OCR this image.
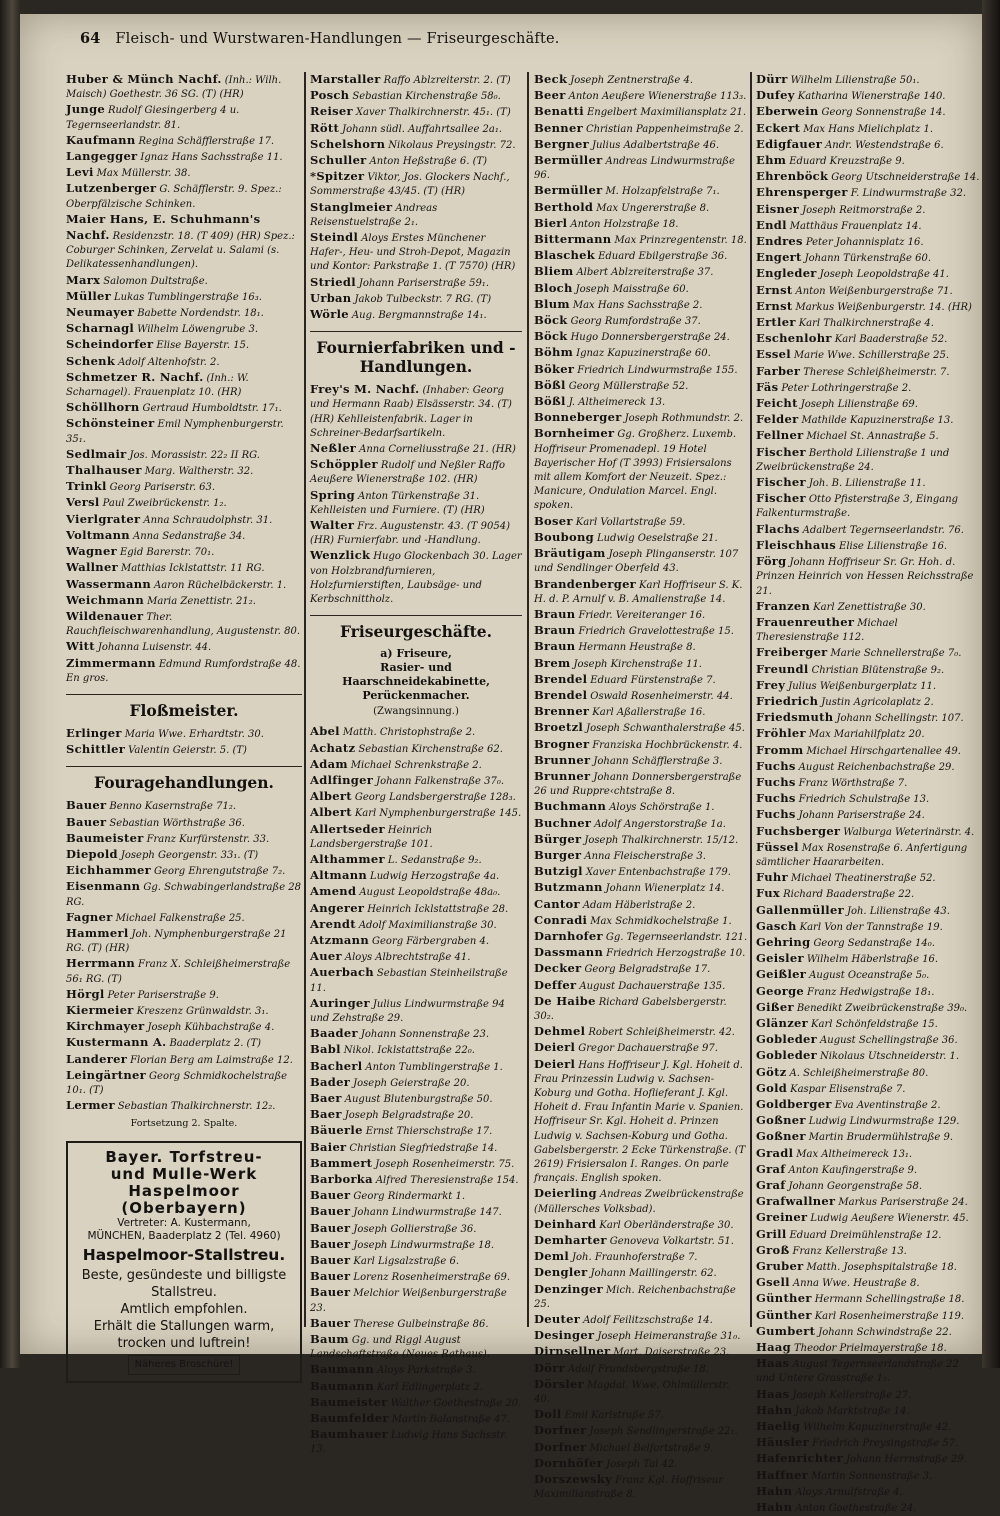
64 Fleisch- und Wurstwaren-Handlungen — Friseurgeschäfte.

Huber & Münch Nachf. (Inh.: Wilh. Maisch) Goethestr. 36 SG. (T) (HR)

Junge Rudolf Giesingerberg 4 u. Tegernseerlandstr. 81.

Kaufmann Regina Schäfflerstraße 17.

Langegger Ignaz Hans Sachsstraße 11.

Levi Max Müllerstr. 38.

Lutzenberger G. Schäfflerstr. 9. Spez.: Oberpfälzische Schinken.

Maier Hans, E. Schuhmann's Nachf. Residenzstr. 18. (T 409) (HR) Spez.: Coburger Schinken, Zervelat u. Salami (s. Delikatessenhandlungen).

Marx Salomon Dultstraße.

Müller Lukas Tumblingerstraße 16₃.

Neumayer Babette Nordendstr. 18₁.

Scharnagl Wilhelm Löwengrube 3.

Scheindorfer Elise Bayerstr. 15.

Schenk Adolf Altenhofstr. 2.

Schmetzer R. Nachf. (Inh.: W. Scharnagel). Frauenplatz 10. (HR)

Schöllhorn Gertraud Humboldtstr. 17₁.

Schönsteiner Emil Nymphenburgerstr. 35₁.

Sedlmair Jos. Morassistr. 22₂ II RG.

Thalhauser Marg. Waltherstr. 32.

Trinkl Georg Pariserstr. 63.

Versl Paul Zweibrückenstr. 1₂.

Vierlgrater Anna Schraudolphstr. 31.

Voltmann Anna Sedanstraße 34.

Wagner Egid Barerstr. 70₁.

Wallner Matthias Icklstattstr. 11 RG.

Wassermann Aaron Rüchelbäckerstr. 1.

Weichmann Maria Zenettistr. 21₂.

Wildenauer Ther. Rauchfleischwarenhandlung, Augustenstr. 80.

Witt Johanna Luisenstr. 44.

Zimmermann Edmund Rumfordstraße 48. En gros.

Floßmeister.

Erlinger Maria Wwe. Erhardtstr. 30.

Schittler Valentin Geierstr. 5. (T)

Fouragehandlungen.

Bauer Benno Kasernstraße 71₂.

Bauer Sebastian Wörthstraße 36.

Baumeister Franz Kurfürstenstr. 33.

Diepold Joseph Georgenstr. 33₁. (T)

Eichhammer Georg Ehrengutstraße 7₂.

Eisenmann Gg. Schwabingerlandstraße 28 RG.

Fagner Michael Falkenstraße 25.

Hammerl Joh. Nymphenburgerstraße 21 RG. (T) (HR)

Herrmann Franz X. Schleißheimerstraße 56₁ RG. (T)

Hörgl Peter Pariserstraße 9.

Kiermeier Kreszenz Grünwaldstr. 3₁.

Kirchmayer Joseph Kühbachstraße 4.

Kustermann A. Baaderplatz 2. (T)

Landerer Florian Berg am Laimstraße 12.

Leingärtner Georg Schmidkochelstraße 10₁. (T)

Lermer Sebastian Thalkirchnerstr. 12₂.

Fortsetzung 2. Spalte.
Bayer. Torfstreu-
und Mulle-Werk
Haspelmoor (Oberbayern)
Vertreter: A. Kustermann,
MÜNCHEN, Baaderplatz 2 (Tel. 4960)
Haspelmoor-Stallstreu.
Beste, gesündeste und billigste
Stallstreu.
Amtlich empfohlen.
Erhält die Stallungen warm,
trocken und luftrein!
Näheres Broschüre!

Marstaller Raffo Ablzreiterstr. 2. (T)

Posch Sebastian Kirchenstraße 58₀.

Reiser Xaver Thalkirchnerstr. 45₁. (T)

Rött Johann südl. Auffahrtsallee 2a₁.

Schelshorn Nikolaus Preysingstr. 72.

Schuller Anton Heßstraße 6. (T)

*Spitzer Viktor, Jos. Glockers Nachf., Sommerstraße 43/45. (T) (HR)

Stanglmeier Andreas Reisenstuelstraße 2₁.

Steindl Aloys Erstes Münchener Hafer-, Heu- und Stroh-Depot, Magazin und Kontor: Parkstraße 1. (T 7570) (HR)

Striedl Johann Pariserstraße 59₁.

Urban Jakob Tulbeckstr. 7 RG. (T)

Wörle Aug. Bergmannstraße 14₁.

Fournierfabriken und -Handlungen.

Frey's M. Nachf. (Inhaber: Georg und Hermann Raab) Elsässerstr. 34. (T) (HR) Kehlleistenfabrik. Lager in Schreiner-Bedarfsartikeln.

Neßler Anna Corneliusstraße 21. (HR)

Schöppler Rudolf und Neßler Raffo Aeußere Wienerstraße 102. (HR)

Spring Anton Türkenstraße 31. Kehlleisten und Furniere. (T) (HR)

Walter Frz. Augustenstr. 43. (T 9054) (HR) Furnierfabr. und -Handlung.

Wenzlick Hugo Glockenbach 30. Lager von Holzbrandfurnieren, Holzfurnierstiften, Laubsäge- und Kerbschnittholz.

Friseurgeschäfte.
a) Friseure,
Rasier- und Haarschneidekabinette, Perückenmacher.
(Zwangsinnung.)

Abel Matth. Christophstraße 2.

Achatz Sebastian Kirchenstraße 62.

Adam Michael Schrenkstraße 2.

Adlfinger Johann Falkenstraße 37₀.

Albert Georg Landsbergerstraße 128₃.

Albert Karl Nymphenburgerstraße 145.

Allertseder Heinrich Landsbergerstraße 101.

Althammer L. Sedanstraße 9₂.

Altmann Ludwig Herzogstraße 4a.

Amend August Leopoldstraße 48a₀.

Angerer Heinrich Icklstattstraße 28.

Arendt Adolf Maximilianstraße 30.

Atzmann Georg Färbergraben 4.

Auer Aloys Albrechtstraße 41.

Auerbach Sebastian Steinheilstraße 11.

Auringer Julius Lindwurmstraße 94 und Zehstraße 29.

Baader Johann Sonnenstraße 23.

Babl Nikol. Icklstattstraße 22₀.

Bacherl Anton Tumblingerstraße 1.

Bader Joseph Geierstraße 20.

Baer August Blutenburgstraße 50.

Baer Joseph Belgradstraße 20.

Bäuerle Ernst Thierschstraße 17.

Baier Christian Siegfriedstraße 14.

Bammert Joseph Rosenheimerstr. 75.

Barborka Alfred Theresienstraße 154.

Bauer Georg Rindermarkt 1.

Bauer Johann Lindwurmstraße 147.

Bauer Joseph Gollierstraße 36.

Bauer Joseph Lindwurmstraße 18.

Bauer Karl Ligsalzstraße 6.

Bauer Lorenz Rosenheimerstraße 69.

Bauer Melchior Weißenburgerstraße 23.

Bauer Therese Gulbeinstraße 86.

Baum Gg. und Riggl August Landschaftstraße (Neues Rathaus).

Baumann Aloys Parkstraße 3.

Baumann Karl Edlingerplatz 2.

Baumeister Walther Goethestraße 20.

Baumfelder Martin Balanstraße 47.

Baumhauer Ludwig Hans Sachsstr. 13.

Beck Joseph Zentnerstraße 4.

Beer Anton Aeußere Wienerstraße 113₃.

Benatti Engelbert Maximiliansplatz 21.

Benner Christian Pappenheimstraße 2.

Bergner Julius Adalbertstraße 46.

Bermüller Andreas Lindwurmstraße 96.

Bermüller M. Holzapfelstraße 7₁.

Berthold Max Ungererstraße 8.

Bierl Anton Holzstraße 18.

Bittermann Max Prinzregentenstr. 18.

Blaschek Eduard Ebilgerstraße 36.

Bliem Albert Ablzreiterstraße 37.

Bloch Joseph Maisstraße 60.

Blum Max Hans Sachsstraße 2.

Böck Georg Rumfordstraße 37.

Böck Hugo Donnersbergerstraße 24.

Böhm Ignaz Kapuzinerstraße 60.

Böker Friedrich Lindwurmstraße 155.

Bößl Georg Müllerstraße 52.

Bößl J. Altheimereck 13.

Bonneberger Joseph Rothmundstr. 2.

Bornheimer Gg. Großherz. Luxemb. Hoffriseur Promenadepl. 19 Hotel Bayerischer Hof (T 3993) Frisiersalons mit allem Komfort der Neuzeit. Spez.: Manicure, Ondulation Marcel. Engl. spoken.

Boser Karl Vollartstraße 59.

Boubong Ludwig Oeselstraße 21.

Bräutigam Joseph Plinganserstr. 107 und Sendlinger Oberfeld 43.

Brandenberger Karl Hoffriseur S. K. H. d. P. Arnulf v. B. Amalienstraße 14.

Braun Friedr. Vereiteranger 16.

Braun Friedrich Gravelottestraße 15.

Braun Hermann Heustraße 8.

Brem Joseph Kirchenstraße 11.

Brendel Eduard Fürstenstraße 7.

Brendel Oswald Rosenheimerstr. 44.

Brenner Karl Aßallerstraße 16.

Broetzl Joseph Schwanthalerstraße 45.

Brogner Franziska Hochbrückenstr. 4.

Brunner Johann Schäfflerstraße 3.

Brunner Johann Donnersbergerstraße 26 und Ruppre‹chtstraße 8.

Buchmann Aloys Schörstraße 1.

Buchner Adolf Angerstorstraße 1a.

Bürger Joseph Thalkirchnerstr. 15/12.

Burger Anna Fleischerstraße 3.

Butzigl Xaver Entenbachstraße 179.

Butzmann Johann Wienerplatz 14.

Cantor Adam Häberlstraße 2.

Conradi Max Schmidkochelstraße 1.

Darnhofer Gg. Tegernseerlandstr. 121.

Dassmann Friedrich Herzogstraße 10.

Decker Georg Belgradstraße 17.

Deffer August Dachauerstraße 135.

De Haibe Richard Gabelsbergerstr. 30₂.

Dehmel Robert Schleißheimerstr. 42.

Deierl Gregor Dachauerstraße 97.

Deierl Hans Hoffriseur J. Kgl. Hoheit d. Frau Prinzessin Ludwig v. Sachsen-Koburg und Gotha. Hoflieferant J. Kgl. Hoheit d. Frau Infantin Marie v. Spanien. Hoffriseur Sr. Kgl. Hoheit d. Prinzen Ludwig v. Sachsen-Koburg und Gotha. Gabelsbergerstr. 2 Ecke Türkenstraße. (T 2619) Frisiersalon I. Ranges. On parle français. English spoken.

Deierling Andreas Zweibrückenstraße (Müllersches Volksbad).

Deinhard Karl Oberländerstraße 30.

Demharter Genoveva Volkartstr. 51.

Deml Joh. Fraunhoferstraße 7.

Dengler Johann Maillingerstr. 62.

Denzinger Mich. Reichenbachstraße 25.

Deuter Adolf Feilitzschstraße 14.

Desinger Joseph Heimeranstraße 31₀.

Dirnsellner Mart. Daiserstraße 23.

Dörr Adolf Frundsbergstraße 18.

Dörsler Magdal. Wwe. Ohlmüllerstr. 40.

Doll Emil Karlstraße 57.

Dorfner Joseph Sendlingerstraße 22₁.

Dorfner Michael Belfortstraße 9.

Dornhöfer Joseph Tal 42.

Dorszewsky Franz Kgl. Hoffriseur Maximilianstraße 8.

Dürr Wilhelm Lilienstraße 50₁.

Dufey Katharina Wienerstraße 140.

Eberwein Georg Sonnenstraße 14.

Eckert Max Hans Mielichplatz 1.

Edigfauer Andr. Westendstraße 6.

Ehm Eduard Kreuzstraße 9.

Ehrenböck Georg Utschneiderstraße 14.

Ehrensperger F. Lindwurmstraße 32.

Eisner Joseph Reitmorstraße 2.

Endl Matthäus Frauenplatz 14.

Endres Peter Johannisplatz 16.

Engert Johann Türkenstraße 60.

Engleder Joseph Leopoldstraße 41.

Ernst Anton Weißenburgerstraße 71.

Ernst Markus Weißenburgerstr. 14. (HR)

Ertler Karl Thalkirchnerstraße 4.

Eschenlohr Karl Baaderstraße 52.

Essel Marie Wwe. Schillerstraße 25.

Farber Therese Schleißheimerstr. 7.

Fäs Peter Lothringerstraße 2.

Feicht Joseph Lilienstraße 69.

Felder Mathilde Kapuzinerstraße 13.

Fellner Michael St. Annastraße 5.

Fischer Berthold Lilienstraße 1 und Zweibrückenstraße 24.

Fischer Joh. B. Lilienstraße 11.

Fischer Otto Pfisterstraße 3, Eingang Falkenturmstraße.

Flachs Adalbert Tegernseerlandstr. 76.

Fleischhaus Elise Lilienstraße 16.

Förg Johann Hoffriseur Sr. Gr. Hoh. d. Prinzen Heinrich von Hessen Reichsstraße 21.

Franzen Karl Zenettistraße 30.

Frauenreuther Michael Theresienstraße 112.

Freiberger Marie Schnellerstraße 7₀.

Freundl Christian Blütenstraße 9₂.

Frey Julius Weißenburgerplatz 11.

Friedrich Justin Agricolaplatz 2.

Friedsmuth Johann Schellingstr. 107.

Fröhler Max Mariahilfplatz 20.

Fromm Michael Hirschgartenallee 49.

Fuchs August Reichenbachstraße 29.

Fuchs Franz Wörthstraße 7.

Fuchs Friedrich Schulstraße 13.

Fuchs Johann Pariserstraße 24.

Fuchsberger Walburga Weterinärstr. 4.

Füssel Max Rosenstraße 6. Anfertigung sämtlicher Haararbeiten.

Fuhr Michael Theatinerstraße 52.

Fux Richard Baaderstraße 22.

Gallenmüller Joh. Lilienstraße 43.

Gasch Karl Von der Tannstraße 19.

Gehring Georg Sedanstraße 14₀.

Geisler Wilhelm Häberlstraße 16.

Geißler August Oceanstraße 5₀.

George Franz Hedwigstraße 18₁.

Gißer Benedikt Zweibrückenstraße 39₀.

Glänzer Karl Schönfeldstraße 15.

Gobleder August Schellingstraße 36.

Gobleder Nikolaus Utschneiderstr. 1.

Götz A. Schleißheimerstraße 80.

Gold Kaspar Elisenstraße 7.

Goldberger Eva Aventinstraße 2.

Goßner Ludwig Lindwurmstraße 129.

Goßner Martin Brudermühlstraße 9.

Gradl Max Altheimereck 13₁.

Graf Anton Kaufingerstraße 9.

Graf Johann Georgenstraße 58.

Grafwallner Markus Pariserstraße 24.

Greiner Ludwig Aeußere Wienerstr. 45.

Grill Eduard Dreimühlenstraße 12.

Groß Franz Kellerstraße 13.

Gruber Matth. Josephspitalstraße 18.

Gsell Anna Wwe. Heustraße 8.

Günther Hermann Schellingstraße 18.

Günther Karl Rosenheimerstraße 119.

Gumbert Johann Schwindstraße 22.

Haag Theodor Prielmayerstraße 18.

Haas August Tegernseerlandstraße 22 und Untere Grasstraße 1₂.

Haas Joseph Kellerstraße 27.

Hahn Jakob Marktstraße 14.

Haelig Wilhelm Kapuzinerstraße 42.

Häusler Friedrich Preysingstraße 57.

Hafenrichter Johann Herrnstraße 29.

Haffner Martin Sonnenstraße 3.

Hahn Aloys Arnulfstraße 4.

Hahn Anton Goethestraße 24.
